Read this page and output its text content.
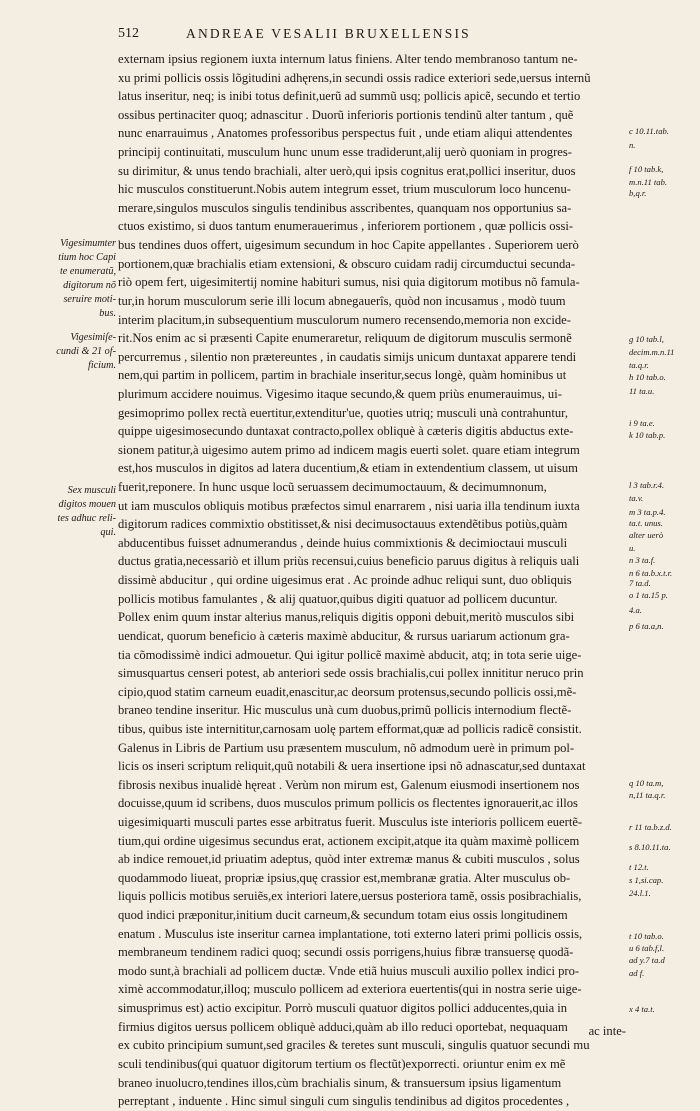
512	ANDREAE VESALII BRUXELLENSIS
externam ipsius regionem iuxta internum latus finiens. Alter tendo membranoso tantum ne-
xu primi pollicis ossis lõgitudini adhęrens,in secundi ossis radice exteriori sede,uersus internũ
latus inseritur, neq; is inibi totus definit,uerũ ad summũ usq; pollicis apicẽ, secundo et tertio
ossibus pertinaciter quoq; adnascitur . Duorũ inferioris portionis tendinũ alter tantum , quẽ
nunc enarrauimus , Anatomes professoribus perspectus fuit , unde etiam aliqui attendentes
principij continuitati, musculum hunc unum esse tradiderunt,alij uerò quoniam in progres-
su dirimitur, & unus tendo brachiali, alter uerò,qui ipsis cognitus erat,pollici inseritur, duos
hic musculos constituerunt.Nobis autem integrum esset, trium musculorum loco huncenu-
merare,singulos musculos singulis tendinibus asscribentes, quanquam nos opportunius sa-
ctuos existimo, si duos tantum enumerauerimus , inferiorem portionem , quæ pollicis ossi-
bus tendines duos offert, uigesimum secundum in hoc Capite appellantes . Superiorem uerò
portionem,quæ brachialis etiam extensioni, & obscuro cuidam radij circumductui secunda-
riò opem fert, uigesimitertij nomine habituri sumus, nisi quia digitorum motibus nõ famula-
tur,in horum musculorum serie illi locum abnegauerîs, quòd non incusamus , modò tuum
interim placitum,in subsequentium musculorum numero recensendo,memoria non excide-
rit.Nos enim ac si præsenti Capite enumeraretur, reliquum de digitorum musculis sermonẽ
percurremus , silentio non prætereuntes , in caudatis simijs unicum duntaxat apparere tendi
nem,qui partim in pollicem, partim in brachiale inseritur,secus longè, quàm hominibus ut
plurimum accidere nouimus. Vigesimo itaque secundo,& quem priùs enumerauimus, ui-
gesimoprimo pollex rectà euertitur,extenditur'ue, quoties utriq; musculi unà contrahuntur,
quippe uigesimosecundo duntaxat contracto,pollex obliquè à cæteris digitis abductus exte-
sionem patitur,à uigesimo autem primo ad indicem magis euerti solet. quare etiam integrum
est,hos musculos in digitos ad latera ducentium,& etiam in extendentium classem, ut uisum
fuerit,reponere. In hunc usque locũ seruassem decimumoctauum, & decimumnonum,
ut iam musculos obliquis motibus præfectos simul enarrarem , nisi uaria illa tendinum iuxta
digitorum radices commixtio obstitisset,& nisi decimusoctauus extendẽtibus potiùs,quàm
abducentibus fuisset adnumerandus , deinde huius commixtionis & decimioctaui musculi
ductus gratia,necessariò et illum priùs recensui,cuius beneficio paruus digitus à reliquis uali
dissimè abducitur , qui ordine uigesimus erat . Ac proinde adhuc reliqui sunt, duo obliquis
pollicis motibus famulantes , & alij quatuor,quibus digiti quatuor ad pollicem ducuntur.
Pollex enim quum instar alterius manus,reliquis digitis opponi debuit,meritò musculos sibi
uendicat, quorum beneficio à cæteris maximè abducitur, & rursus uariarum actionum gra-
tia cõmodissimè indici admouetur. Qui igitur pollicẽ maximè abducit, atq; in tota serie uige-
simusquartus censeri potest, ab anteriori sede ossis brachialis,cui pollex innititur neruco prin
cipio,quod statim carneum euadit,enascitur,ac deorsum protensus,secundo pollicis ossi,mẽ-
braneo tendine inseritur. Hic musculus unà cum duobus,primũ pollicis internodium flectẽ-
tibus, quibus iste internititur,carnosam uolę partem efformat,quæ ad pollicis radicẽ consistit.
Galenus in Libris de Partium usu præsentem musculum, nõ admodum uerè in primum pol-
licis os inseri scriptum reliquit,quũ notabili & uera insertione ipsi nõ adnascatur,sed duntaxat
fibrosis nexibus inualidè hęreat . Verùm non mirum est, Galenum eiusmodi insertionem nos
docuisse,quum id scribens, duos musculos primum pollicis os flectentes ignorauerit,ac illos
uigesimiquarti musculi partes esse arbitratus fuerit. Musculus iste interioris pollicem euertẽ-
tium,qui ordine uigesimus secundus erat, actionem excipit,atque ita quàm maximè pollicem
ab indice remouet,id priuatim adeptus, quòd inter extremæ manus & cubiti musculos , solus
quodammodo liueat, propriæ ipsius,quę crassior est,membranæ gratia. Alter musculus ob-
liquis pollicis motibus seruiẽs,ex interiori latere,uersus posteriora tamẽ, ossis posibrachialis,
quod indici præponitur,initium ducit carneum,& secundum totam eius ossis longitudinem
enatum . Musculus iste inseritur carnea implantatione, toti externo lateri primi pollicis ossis,
membraneum tendinem radici quoq; secundi ossis porrigens,huius fibræ transuersę quodã-
modo sunt,à brachiali ad pollicem ductæ. Vnde etiã huius musculi auxilio pollex indici pro-
ximè accommodatur,illoq; musculo pollicem ad exteriora euertentis(qui in nostra serie uige-
simusprimus est) actio excipitur. Porrò musculi quatuor digitos pollici adducentes,quia in
firmius digitos uersus pollicem obliquè adduci,quàm ab illo reduci oportebat, nequaquam
ex cubito principium sumunt,sed graciles & teretes sunt musculi, singulis quatuor secundi mu
sculi tendinibus(qui quatuor digitorum tertium os flectũt)exporrecti. oriuntur enim ex mẽ
braneo inuolucro,tendines illos,cùm brachialis sinum, & transuersum ipsius ligamentum
perreptant , induente . Hinc simul singuli cum singulis tendinibus ad digitos procedentes ,
Vigesimumter tium hoc Capi te enumeratũ, digitorum nõ seruire moti- bus.
Vigesimiſe- cundi & 21 of- ficium.
Sex musculi digitos mouen tes adhuc reli- qui.
c 10.11.tab.
n.
f 10 tab.k,
m.n.11 tab.
b,q.r.
g 10 tab.l,
decim.m.n.11
ta.q.r.
h 10 tab.o.
11 ta.u.
i 9 ta.e.
k 10 tab.p.
l 3 tab.r.4.
ta.v.
m 3 ta.p.4.
ta.t. unus.
alter uerò
u.
n 3 ta.f.
n 6 ta.b.x.t.r.
7 ta.d.
o 1 ta.15 p.
4.a.
p 6 ta.a,n.
q 10 ta.m,
n,11 ta.q.r.
r 11 ta.b.z.d.
s 8.10.11.ta.
t 12.t.
s 1,si.cap.
24.l.1.
t 10 tab.o.
u 6 tab.f,l.
ad y.7 ta.d
ad f.
x 4 ta.t.
ac inte-
